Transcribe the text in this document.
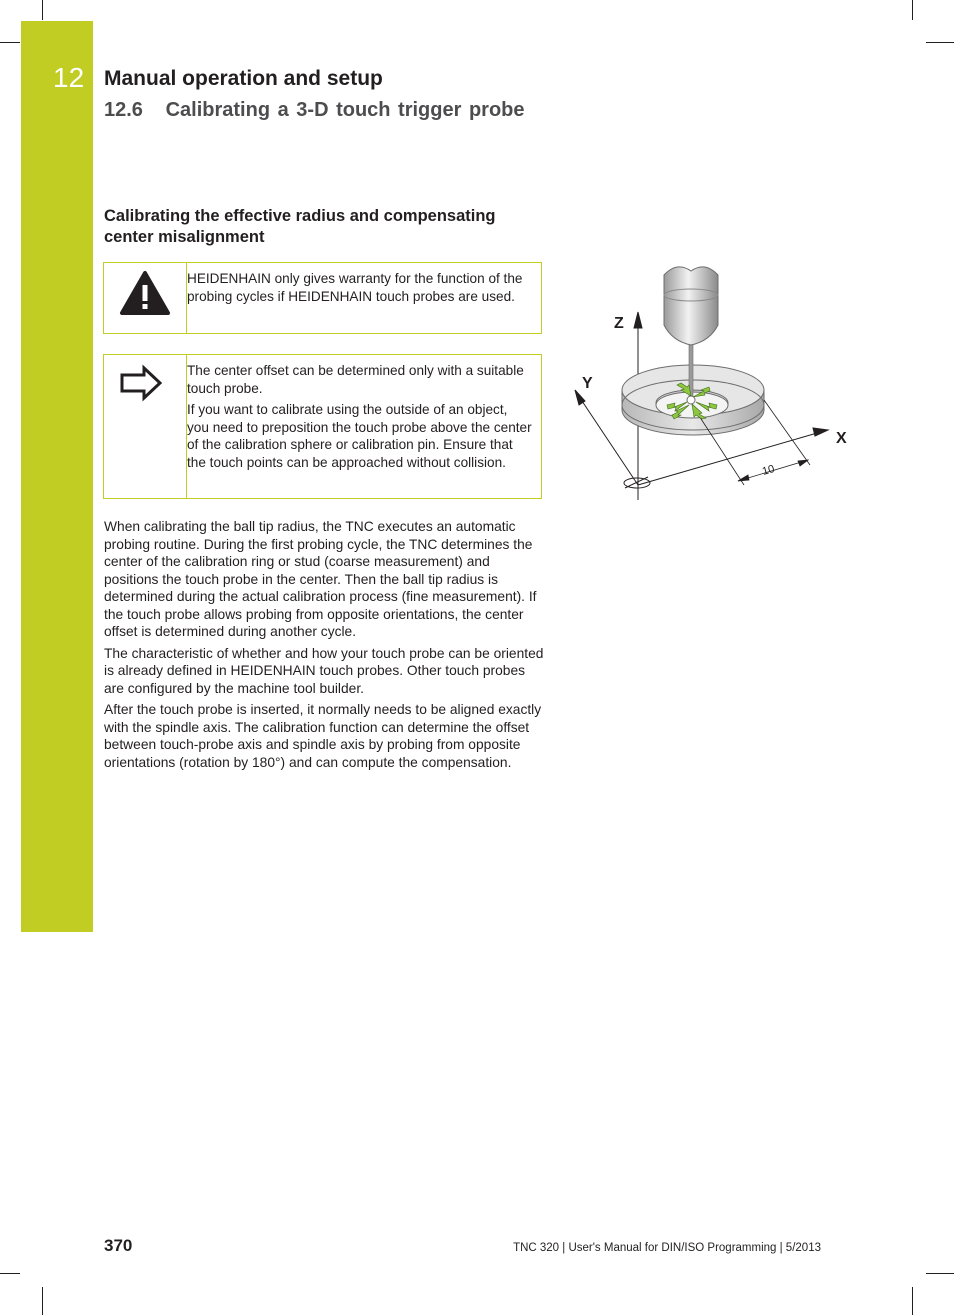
12 Manual operation and setup
12.6   Calibrating a 3-D touch trigger probe
Calibrating the effective radius and compensating center misalignment

HEIDENHAIN only gives warranty for the function of the probing cycles if HEIDENHAIN touch probes are used.

The center offset can be determined only with a suitable touch probe.

If you want to calibrate using the outside of an object, you need to preposition the touch probe above the center of the calibration sphere or calibration pin. Ensure that the touch points can be approached without collision.

10
Z
Y
X

When calibrating the ball tip radius, the TNC executes an automatic probing routine. During the first probing cycle, the TNC determines the center of the calibration ring or stud (coarse measurement) and positions the touch probe in the center. Then the ball tip radius is determined during the actual calibration process (fine measurement). If the touch probe allows probing from opposite orientations, the center offset is determined during another cycle.

The characteristic of whether and how your touch probe can be oriented is already defined in HEIDENHAIN touch probes. Other touch probes are configured by the machine tool builder.

After the touch probe is inserted, it normally needs to be aligned exactly with the spindle axis. The calibration function can determine the offset between touch-probe axis and spindle axis by probing from opposite orientations (rotation by 180°) and can compute the compensation.

370	TNC 320 | User's Manual for DIN/ISO Programming | 5/2013
